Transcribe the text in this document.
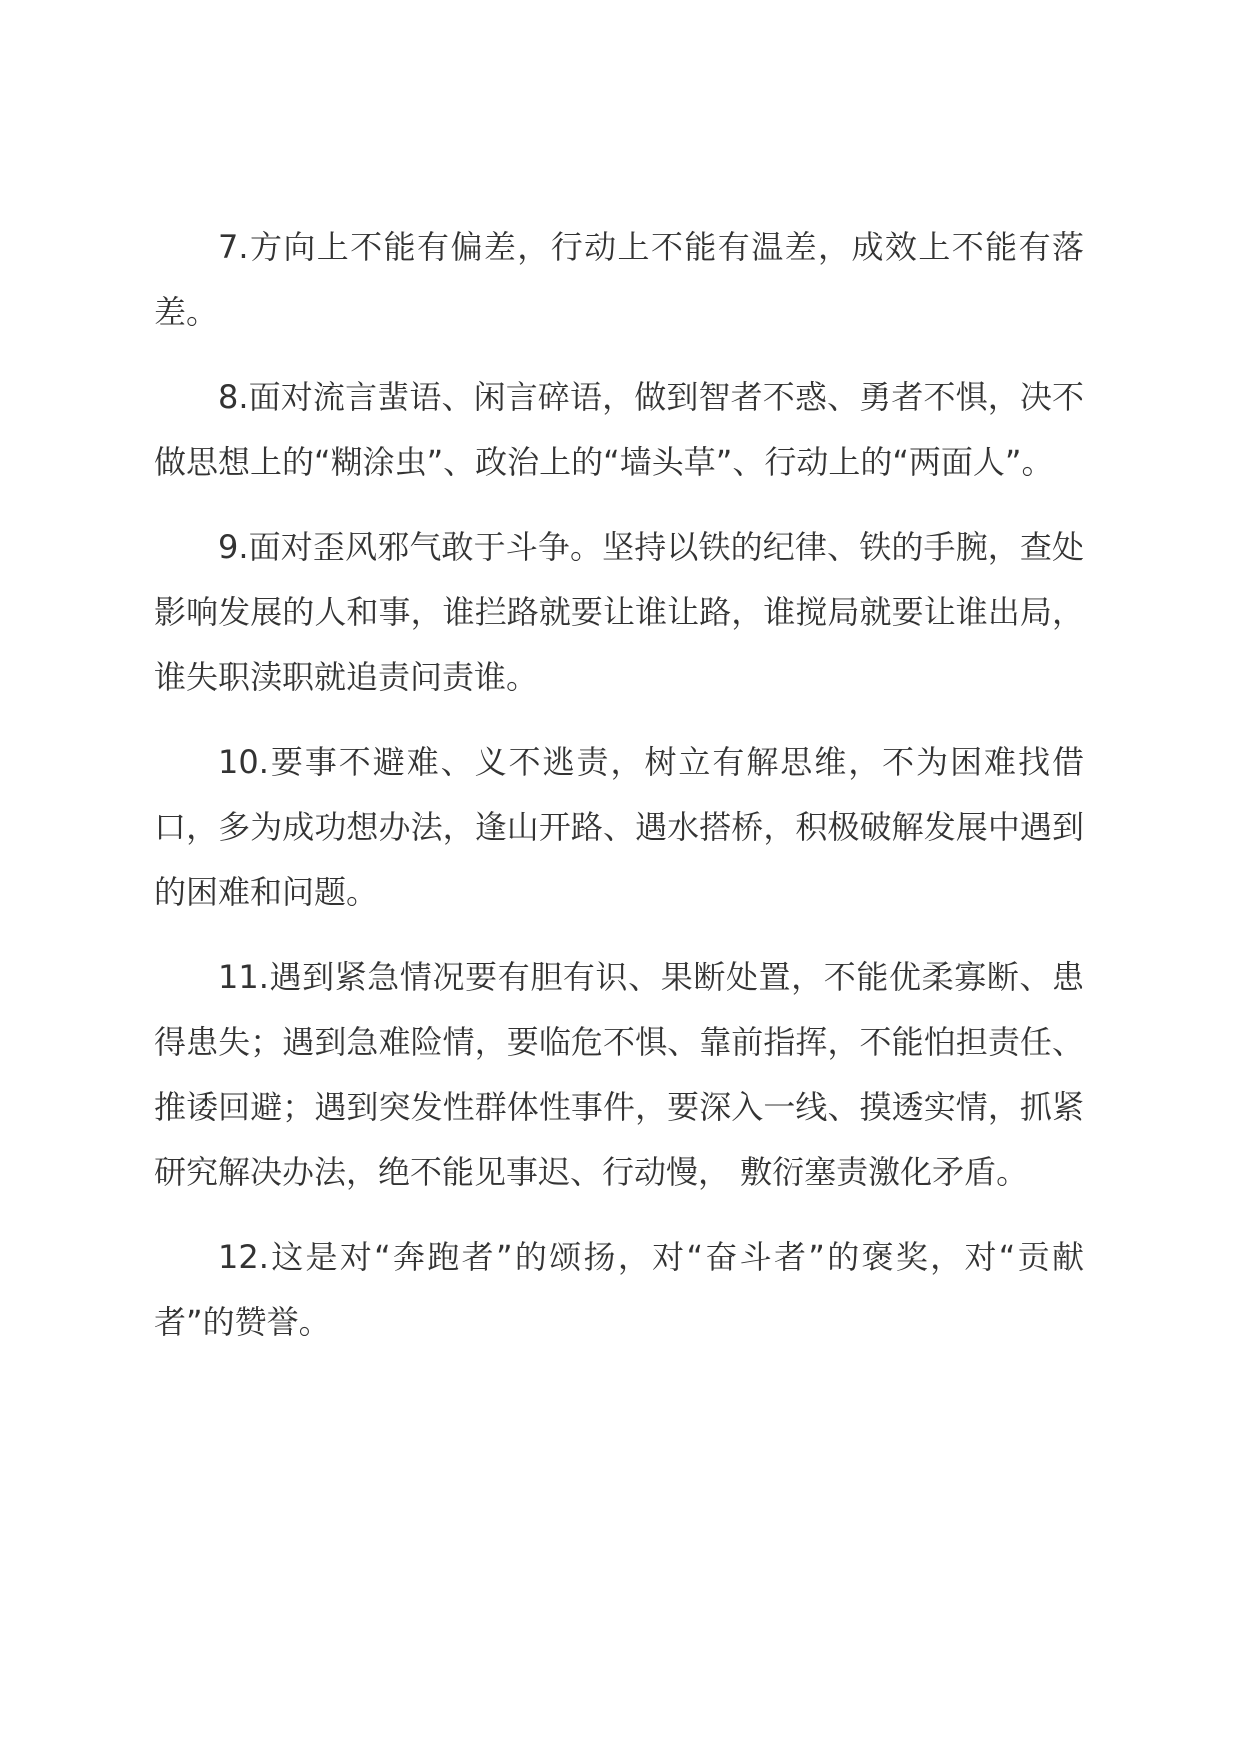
7.方向上不能有偏差，行动上不能有温差，成效上不能有落差。

8.面对流言蜚语、闲言碎语，做到智者不惑、勇者不惧，决不做思想上的“糊涂虫”、政治上的“墙头草”、行动上的“两面人”。

9.面对歪风邪气敢于斗争。坚持以铁的纪律、铁的手腕，查处影响发展的人和事，谁拦路就要让谁让路，谁搅局就要让谁出局，谁失职渎职就追责问责谁。

10.要事不避难、义不逃责，树立有解思维，不为困难找借口，多为成功想办法，逢山开路、遇水搭桥，积极破解发展中遇到的困难和问题。

11.遇到紧急情况要有胆有识、果断处置，不能优柔寡断、患得患失；遇到急难险情，要临危不惧、靠前指挥，不能怕担责任、推诿回避；遇到突发性群体性事件，要深入一线、摸透实情，抓紧研究解决办法，绝不能见事迟、行动慢， 敷衍塞责激化矛盾。

12.这是对“奔跑者”的颂扬，对“奋斗者”的褒奖，对“贡献者”的赞誉。
